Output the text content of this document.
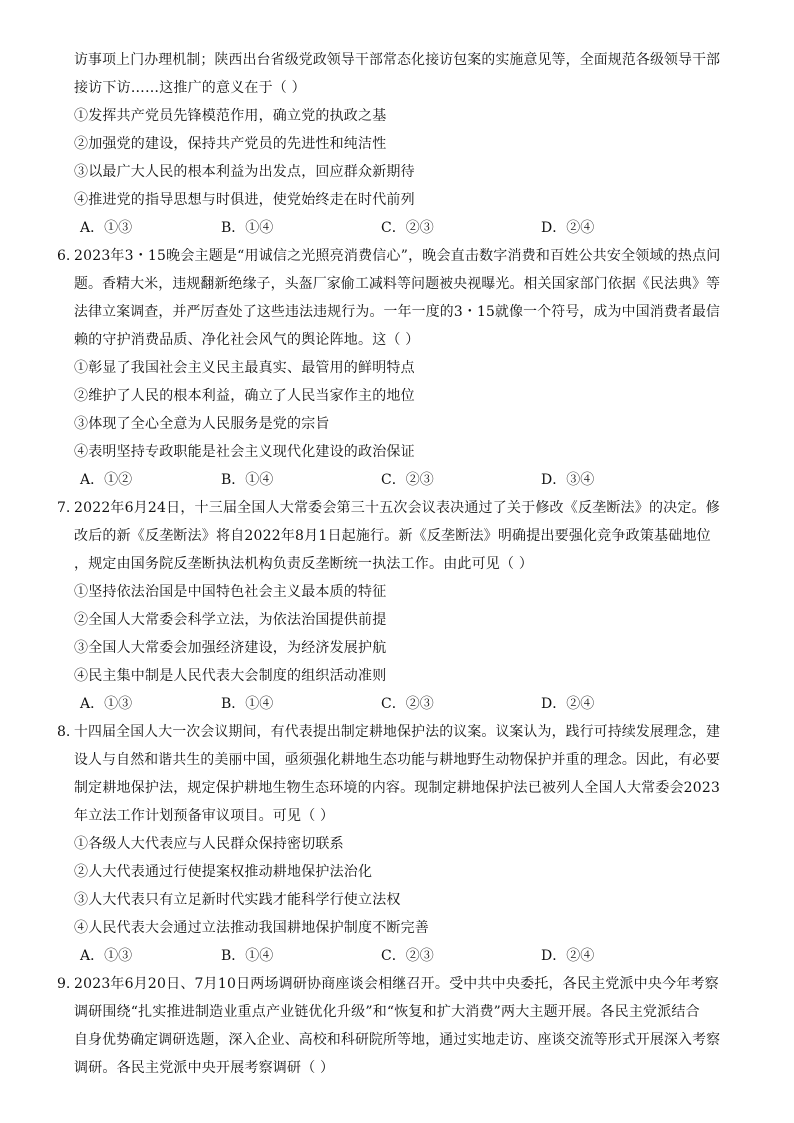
访事项上门办理机制；陕西出台省级党政领导干部常态化接访包案的实施意见等，全面规范各级领导干部
接访下访……这推广的意义在于（ ）
①发挥共产党员先锋模范作用，确立党的执政之基
②加强党的建设，保持共产党员的先进性和纯洁性
③以最广大人民的根本利益为出发点，回应群众新期待
④推进党的指导思想与时俱进，使党始终走在时代前列
A．①③	B．①④	C．②③	D．②④
6. 2023年3・15晚会主题是“用诚信之光照亮消费信心”，晚会直击数字消费和百姓公共安全领域的热点问
题。香精大米，违规翻新绝缘子，头盔厂家偷工减料等问题被央视曝光。相关国家部门依据《民法典》等
法律立案调查，并严厉查处了这些违法违规行为。一年一度的3・15就像一个符号，成为中国消费者最信
赖的守护消费品质、净化社会风气的舆论阵地。这（ ）
①彰显了我国社会主义民主最真实、最管用的鲜明特点
②维护了人民的根本利益，确立了人民当家作主的地位
③体现了全心全意为人民服务是党的宗旨
④表明坚持专政职能是社会主义现代化建设的政治保证
A．①②	B．①④	C．②③	D．③④
7. 2022年6月24日，十三届全国人大常委会第三十五次会议表决通过了关于修改《反垄断法》的决定。修
改后的新《反垄断法》将自2022年8月1日起施行。新《反垄断法》明确提出要强化竞争政策基础地位
，规定由国务院反垄断执法机构负责反垄断统一执法工作。由此可见（ ）
①坚持依法治国是中国特色社会主义最本质的特征
②全国人大常委会科学立法，为依法治国提供前提
③全国人大常委会加强经济建设，为经济发展护航
④民主集中制是人民代表大会制度的组织活动准则
A．①③	B．①④	C．②③	D．②④
8. 十四届全国人大一次会议期间，有代表提出制定耕地保护法的议案。议案认为，践行可持续发展理念，建
设人与自然和谐共生的美丽中国，亟须强化耕地生态功能与耕地野生动物保护并重的理念。因此，有必要
制定耕地保护法，规定保护耕地生物生态环境的内容。现制定耕地保护法已被列人全国人大常委会2023
年立法工作计划预备审议项目。可见（ ）
①各级人大代表应与人民群众保持密切联系
②人大代表通过行使提案权推动耕地保护法治化
③人大代表只有立足新时代实践才能科学行使立法权
④人民代表大会通过立法推动我国耕地保护制度不断完善
A．①③	B．①④	C．②③	D．②④
9. 2023年6月20日、7月10日两场调研协商座谈会相继召开。受中共中央委托，各民主党派中央今年考察
调研围绕“扎实推进制造业重点产业链优化升级”和“恢复和扩大消费”两大主题开展。各民主党派结合
自身优势确定调研选题，深入企业、高校和科研院所等地，通过实地走访、座谈交流等形式开展深入考察
调研。各民主党派中央开展考察调研（ ）
